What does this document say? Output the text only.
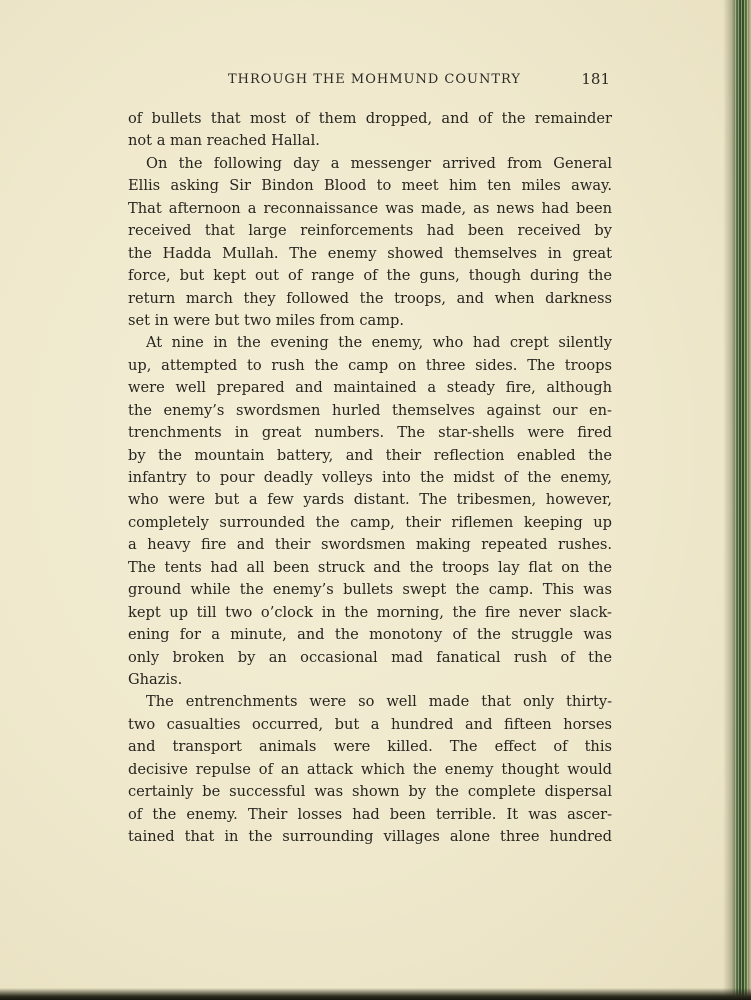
THROUGH THE MOHMUND COUNTRY	181
of bullets that most of them dropped, and of the remainder
not a man reached Hallal.
On the following day a messenger arrived from General
Ellis asking Sir Bindon Blood to meet him ten miles away.
That afternoon a reconnaissance was made, as news had been
received that large reinforcements had been received by
the Hadda Mullah. The enemy showed themselves in great
force, but kept out of range of the guns, though during the
return march they followed the troops, and when darkness
set in were but two miles from camp.
At nine in the evening the enemy, who had crept silently
up, attempted to rush the camp on three sides. The troops
were well prepared and maintained a steady fire, although
the enemy’s swordsmen hurled themselves against our en-
trenchments in great numbers. The star-shells were fired
by the mountain battery, and their reflection enabled the
infantry to pour deadly volleys into the midst of the enemy,
who were but a few yards distant. The tribesmen, however,
completely surrounded the camp, their riflemen keeping up
a heavy fire and their swordsmen making repeated rushes.
The tents had all been struck and the troops lay flat on the
ground while the enemy’s bullets swept the camp. This was
kept up till two o’clock in the morning, the fire never slack-
ening for a minute, and the monotony of the struggle was
only broken by an occasional mad fanatical rush of the
Ghazis.
The entrenchments were so well made that only thirty-
two casualties occurred, but a hundred and fifteen horses
and transport animals were killed. The effect of this
decisive repulse of an attack which the enemy thought would
certainly be successful was shown by the complete dispersal
of the enemy. Their losses had been terrible. It was ascer-
tained that in the surrounding villages alone three hundred
